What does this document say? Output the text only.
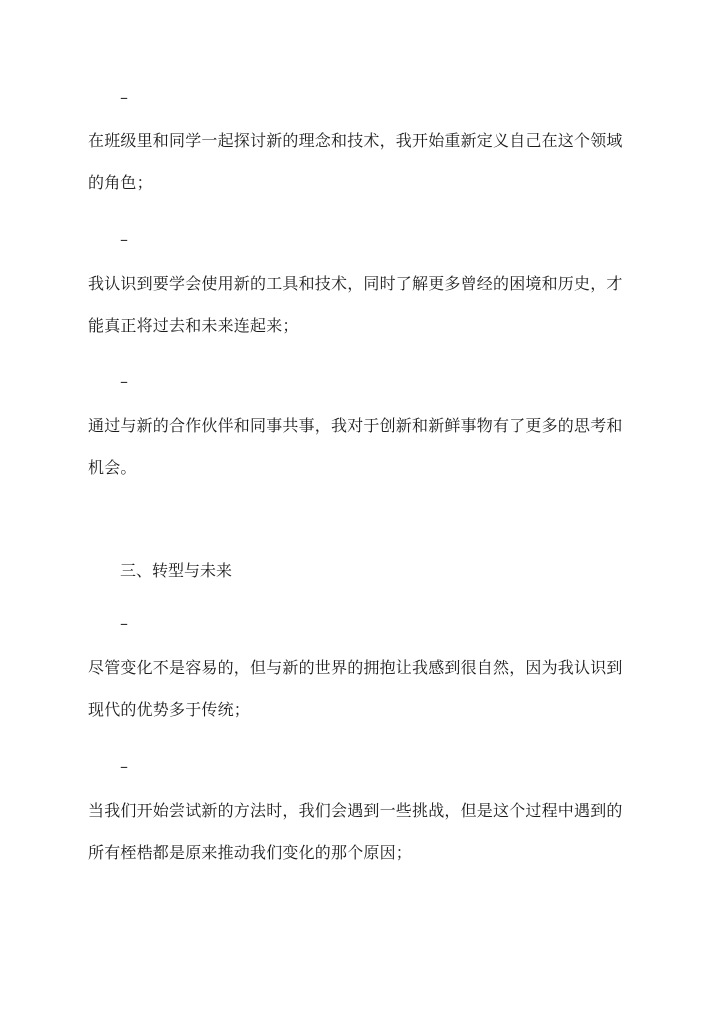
–

在班级里和同学一起探讨新的理念和技术，我开始重新定义自己在这个领域的角色；

–

我认识到要学会使用新的工具和技术，同时了解更多曾经的困境和历史，才能真正将过去和未来连起来；

–

通过与新的合作伙伴和同事共事，我对于创新和新鲜事物有了更多的思考和机会。

三、转型与未来
–

尽管变化不是容易的，但与新的世界的拥抱让我感到很自然，因为我认识到现代的优势多于传统；

–

当我们开始尝试新的方法时，我们会遇到一些挑战，但是这个过程中遇到的所有桎梏都是原来推动我们变化的那个原因；
